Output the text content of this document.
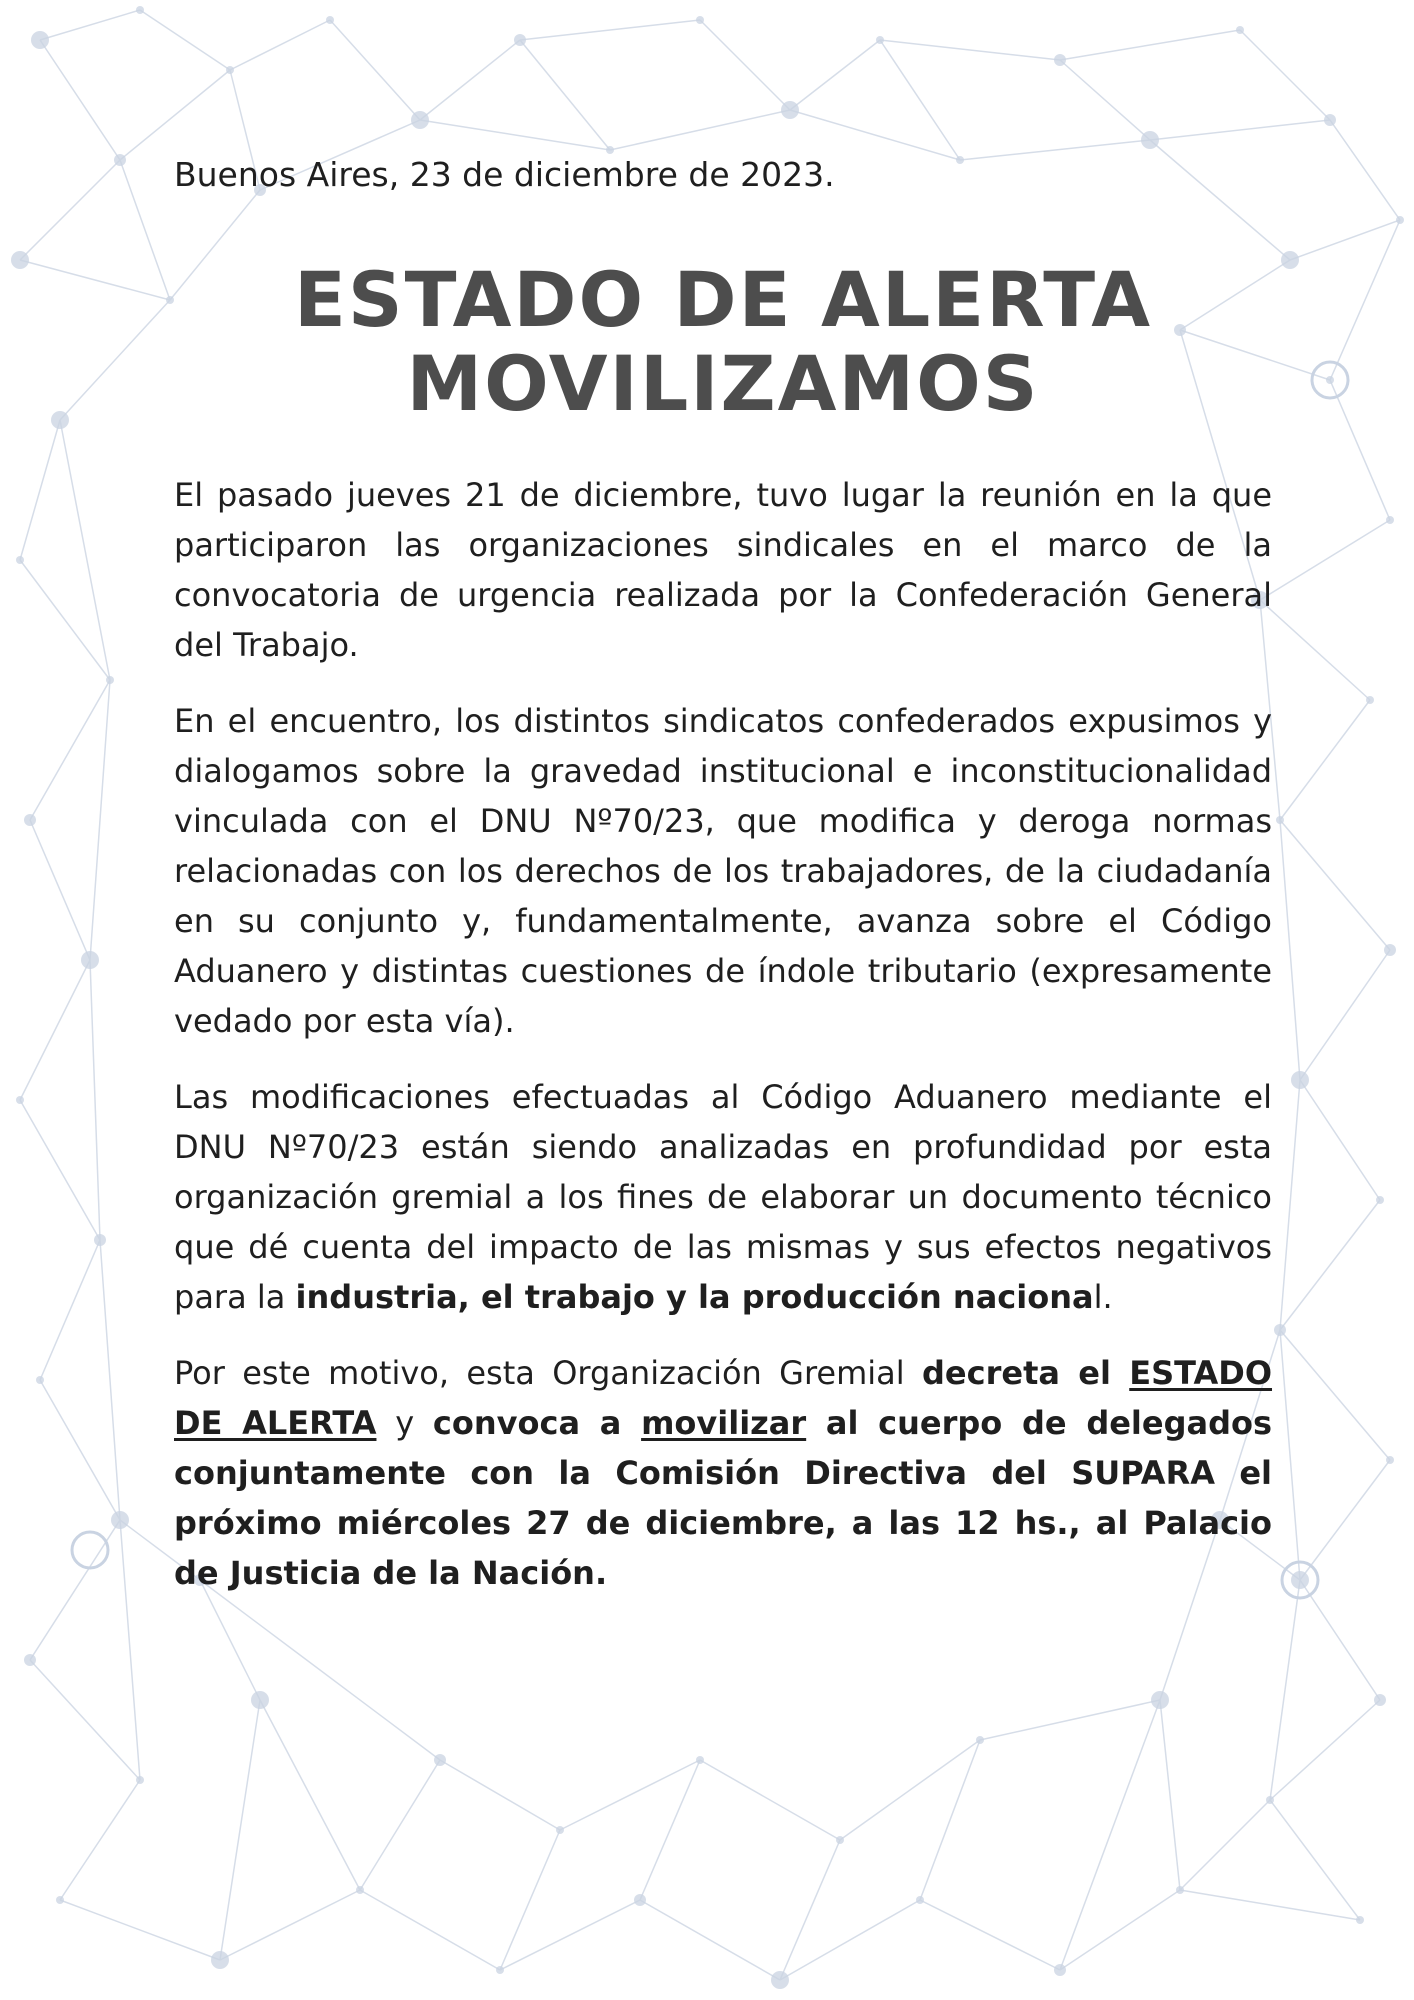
Buenos Aires, 23 de diciembre de 2023.
ESTADO DE ALERTA
MOVILIZAMOS

El pasado jueves 21 de diciembre, tuvo lugar la reunión en la que participaron las organizaciones sindicales en el marco de la convocatoria de urgencia realizada por la Confederación General del Trabajo.

En el encuentro, los distintos sindicatos confederados expusimos y dialogamos sobre la gravedad institucional e inconstitucionalidad vinculada con el DNU Nº70/23, que modifica y deroga normas relacionadas con los derechos de los trabajadores, de la ciudadanía en su conjunto y, fundamentalmente, avanza sobre el Código Aduanero y distintas cuestiones de índole tributario (expresamente vedado por esta vía).

Las modificaciones efectuadas al Código Aduanero mediante el DNU Nº70/23 están siendo analizadas en profundidad por esta organización gremial a los fines de elaborar un documento técnico que dé cuenta del impacto de las mismas y sus efectos negativos para la industria, el trabajo y la producción nacional.

Por este motivo, esta Organización Gremial decreta el ESTADO DE ALERTA y convoca a movilizar al cuerpo de delegados conjuntamente con la Comisión Directiva del SUPARA el próximo miércoles 27 de diciembre, a las 12 hs., al Palacio de Justicia de la Nación.
